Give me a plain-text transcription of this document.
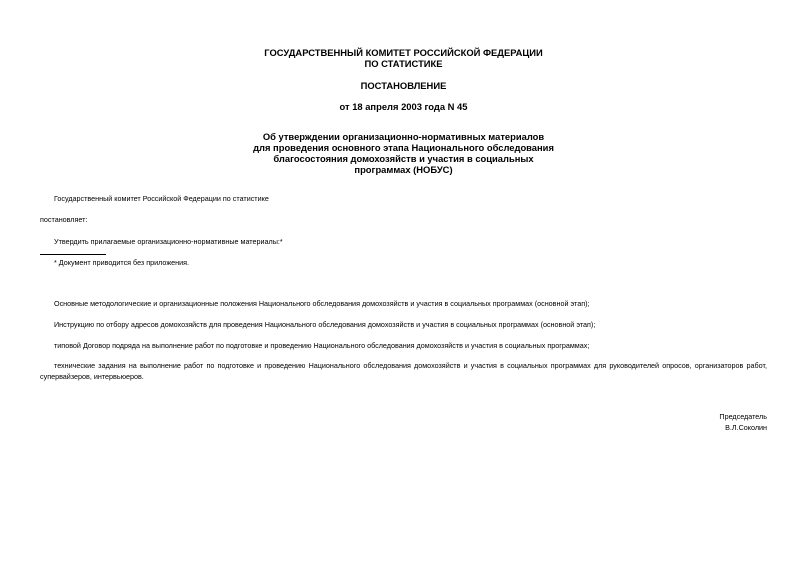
ГОСУДАРСТВЕННЫЙ КОМИТЕТ РОССИЙСКОЙ ФЕДЕРАЦИИ
ПО СТАТИСТИКЕ
ПОСТАНОВЛЕНИЕ
от 18 апреля 2003 года N 45
Об утверждении организационно-нормативных материалов
для проведения основного этапа Национального обследования
благосостояния домохозяйств и участия в социальных
программах (НОБУС)
Государственный комитет Российской Федерации по статистике
постановляет:
Утвердить прилагаемые организационно-нормативные материалы:*
* Документ приводится без приложения.
Основные методологические и организационные положения Национального обследования домохозяйств и участия в социальных программах (основной этап);
Инструкцию по отбору адресов домохозяйств для проведения Национального обследования домохозяйств и участия в социальных программах (основной этап);
типовой Договор подряда на выполнение работ по подготовке и проведению Национального обследования домохозяйств и участия в социальных программах;
технические задания на выполнение работ по подготовке и проведению Национального обследования домохозяйств и участия в социальных программах для руководителей опросов, организаторов работ, супервайзеров, интервьюеров.
Председатель
В.Л.Соколин
